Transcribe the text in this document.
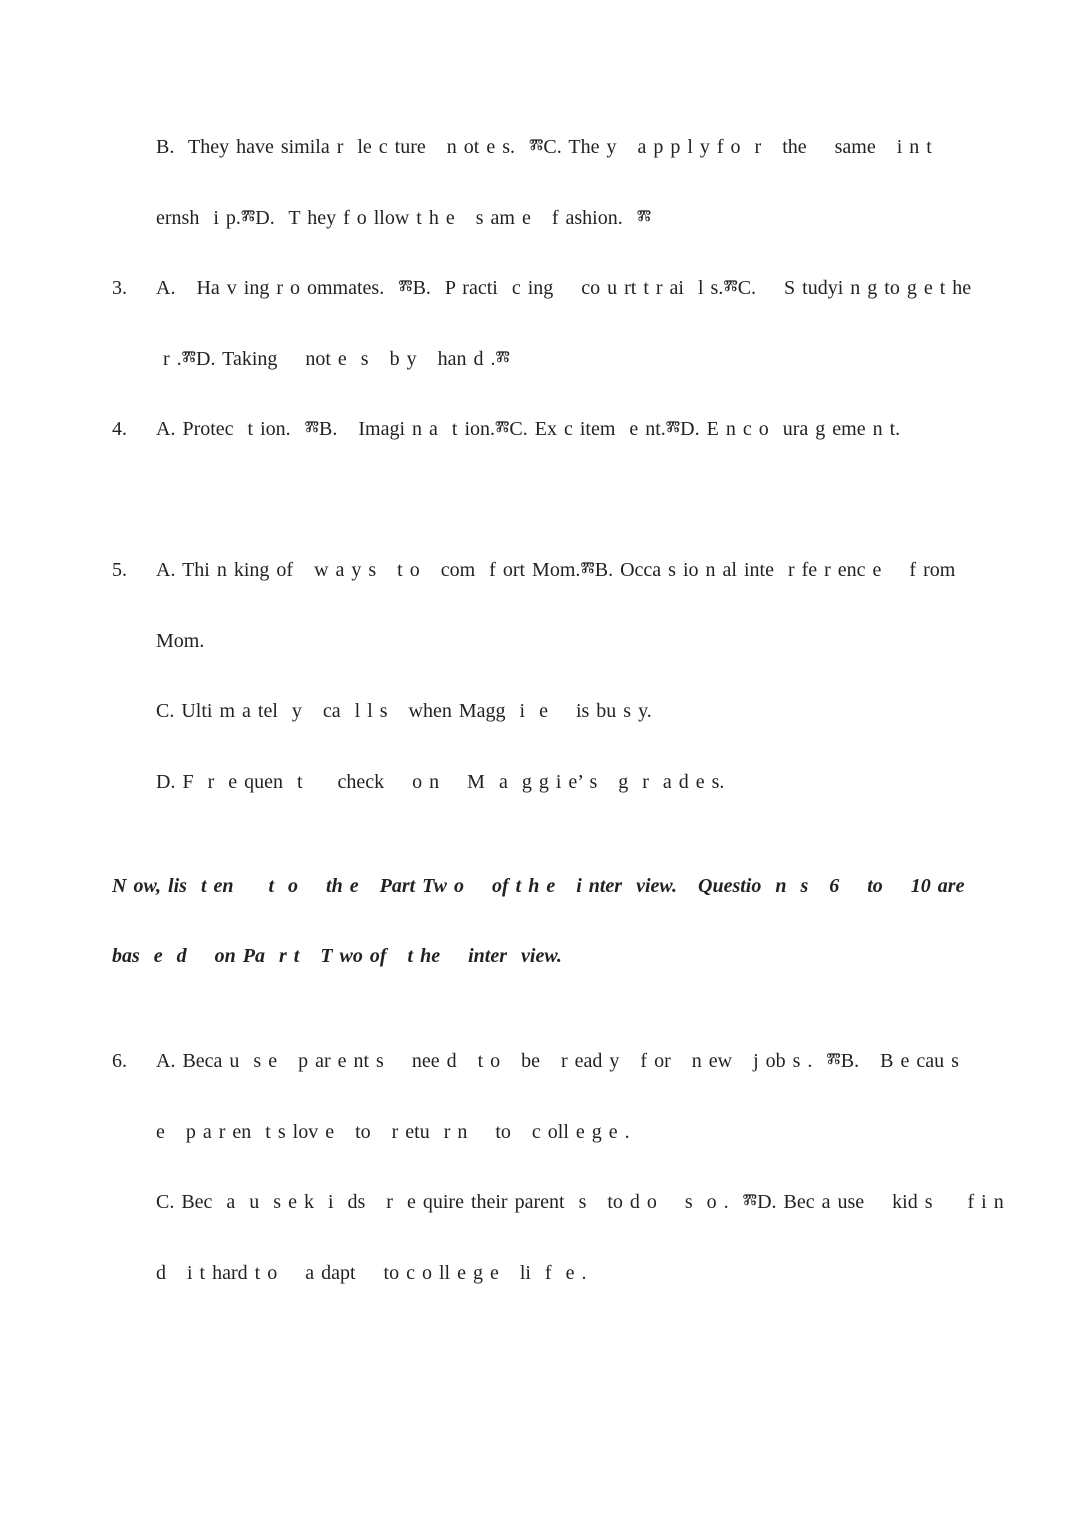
B.  They have simila r  le c ture   n ot e s.  ⰿC. The y   a p p l y f o  r   the    same   i n t
ernsh  i p.ⰿD.  T hey f o llow t h e   s am e   f ashion.  ⰿ
3. A.   Ha v ing r o ommates.  ⰿB.  P racti  c ing    co u rt t r ai  l s.ⰿC.    S tudyi n g to g e t he
r .ⰿD. Taking    not e  s   b y   han d .ⰿ
4. A. Protec  t ion.  ⰿB.   Imagi n a  t ion.ⰿC. Ex c item  e nt.ⰿD. E n c o  ura g eme n t.
5. A. Thi n king of   w a y s   t o   com  f ort Mom.ⰿB. Occa s io n al inte  r fe r enc e    f rom
Mom.
C. Ulti m a tel  y   ca  l l s   when Magg  i  e    is bu s y.
D. F  r  e quen  t     check    o n    M  a  g g i e’ s   g  r  a d e s.
N ow, lis  t en     t  o    th e   Part Tw o    of t h e   i nter  view.   Questio  n  s   6    to    10 are
bas  e  d    on Pa  r t   T wo of   t he    inter  view.
6. A. Beca u  s e   p ar e nt s    nee d   t o   be   r ead y   f or   n ew   j ob s .  ⰿB.   B e cau s
e   p a r en  t s lov e   to   r etu  r n    to   c oll e g e .
C. Bec  a  u  s e k  i  ds   r  e quire their parent  s   to d o    s  o .  ⰿD. Bec a use    kid s     f i n
d   i t hard t o    a dapt    to c o ll e g e   li  f  e .
